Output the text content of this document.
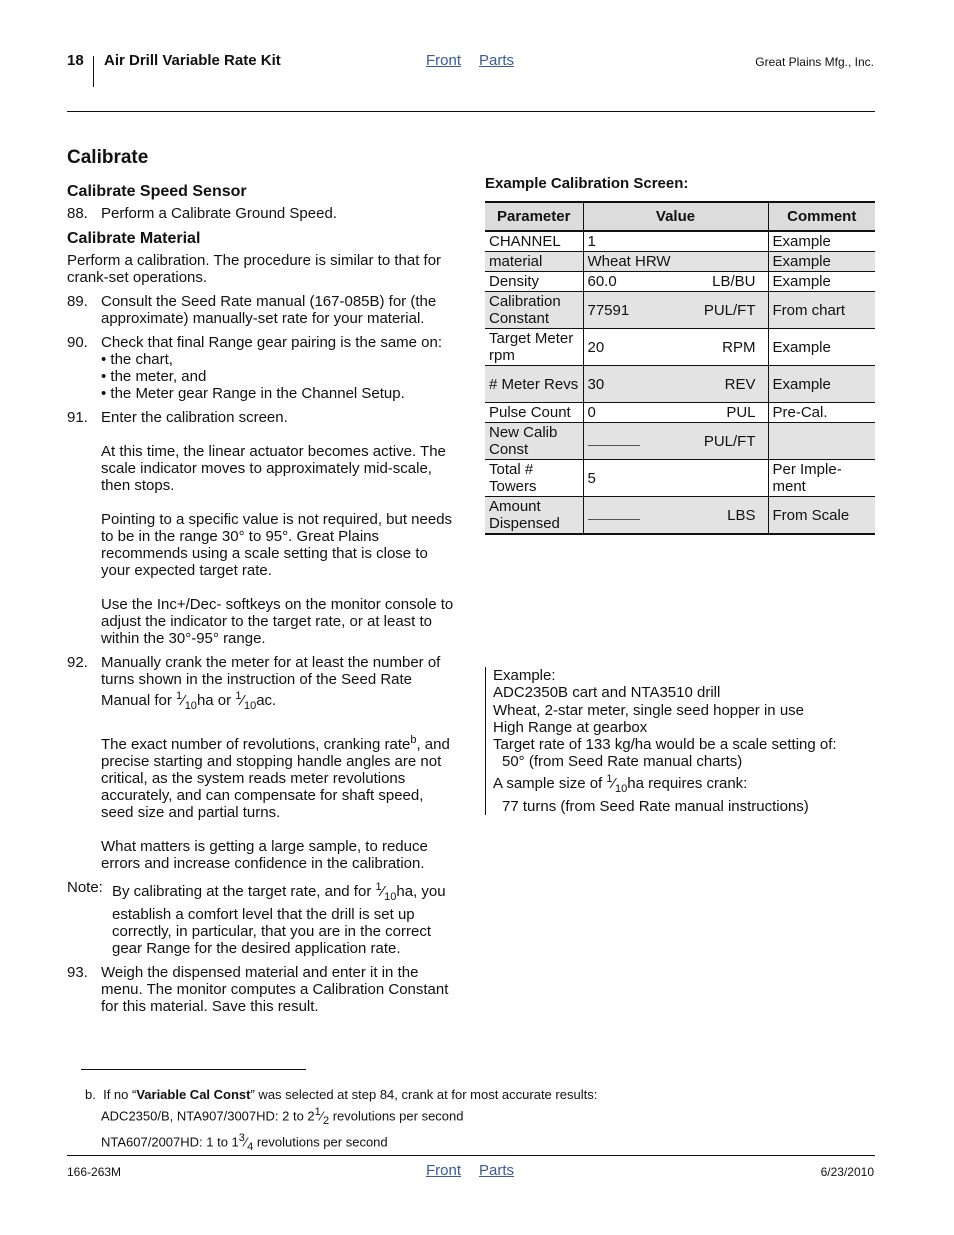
18 Air Drill Variable Rate Kit	Front Parts	Great Plains Mfg., Inc.
Calibrate
Calibrate Speed Sensor
88. Perform a Calibrate Ground Speed.
Calibrate Material
Perform a calibration. The procedure is similar to that for crank-set operations.
89. Consult the Seed Rate manual (167-085B) for (the approximate) manually-set rate for your material.
90. Check that final Range gear pairing is the same on:
• the chart,
• the meter, and
• the Meter gear Range in the Channel Setup.
91. Enter the calibration screen.
At this time, the linear actuator becomes active. The scale indicator moves to approximately mid-scale, then stops.
Pointing to a specific value is not required, but needs to be in the range 30° to 95°. Great Plains recommends using a scale setting that is close to your expected target rate.
Use the Inc+/Dec- softkeys on the monitor console to adjust the indicator to the target rate, or at least to within the 30°-95° range.
92. Manually crank the meter for at least the number of turns shown in the instruction of the Seed Rate Manual for $^1⁄_{10}ha$ or $^1⁄_{10}ac$.
The exact number of revolutions, cranking rate$^b$, and precise starting and stopping handle angles are not critical, as the system reads meter revolutions accurately, and can compensate for shaft speed, seed size and partial turns.
What matters is getting a large sample, to reduce errors and increase confidence in the calibration.
Note: By calibrating at the target rate, and for $^1⁄_{10}ha$, you establish a comfort level that the drill is set up correctly, in particular, that you are in the correct gear Range for the desired application rate.
93. Weigh the dispensed material and enter it in the menu. The monitor computes a Calibration Constant for this material. Save this result.
Example Calibration Screen:
Parameter	Value	Comment
CHANNEL	1	Example
material	Wheat HRW	Example
Density	60.0 LB/BU	Example
Calibration Constant	77591 PUL/FT	From chart
Target Meter rpm	20 RPM	Example
# Meter Revs	30 REV	Example
Pulse Count	0 PUL	Pre-Cal.
New Calib Const	PUL/FT	

Total # Towers	5	Per Imple-ment
Amount Dispensed	LBS	From Scale
Example:
ADC2350B cart and NTA3510 drill
Wheat, 2-star meter, single seed hopper in use
High Range at gearbox
Target rate of 133 kg/ha would be a scale setting of:
50° (from Seed Rate manual charts)
A sample size of $^1⁄_{10}ha$ requires crank:
77 turns (from Seed Rate manual instructions)
b. If no “Variable Cal Const” was selected at step 84, crank at for most accurate results:
ADC2350/B, NTA907/3007HD: 2 to $2^1⁄_2$ revolutions per second
NTA607/2007HD: 1 to $1^3⁄_4$ revolutions per second
166-263M	Front Parts	6/23/2010
